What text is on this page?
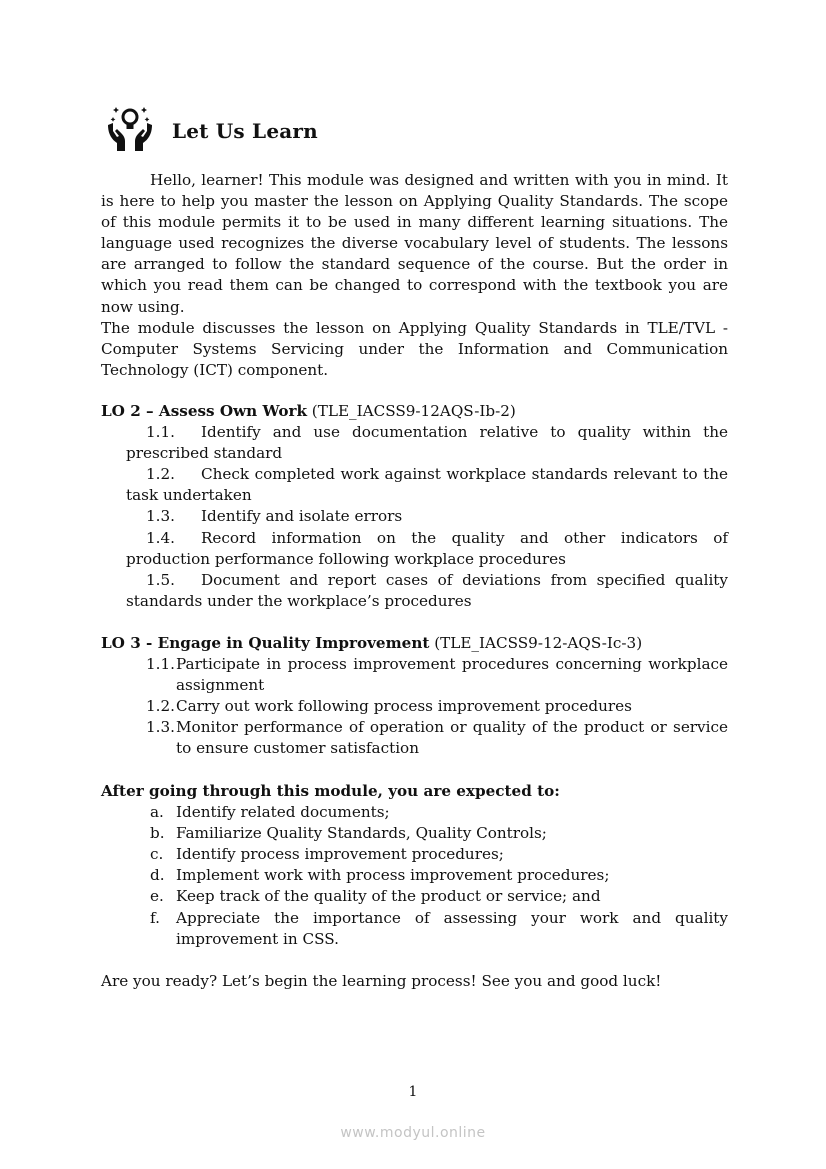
Let Us Learn

Hello, learner! This module was designed and written with you in mind. It is here to help you master the lesson on Applying Quality Standards. The scope of this module permits it to be used in many different learning situations. The language used recognizes the diverse vocabulary level of students. The lessons are arranged to follow the standard sequence of the course. But the order in which you read them can be changed to correspond with the textbook you are now using.

The module discusses the lesson on Applying Quality Standards in TLE/TVL - Computer Systems Servicing under the Information and Communication Technology (ICT) component.

LO 2 – Assess Own Work (TLE_IACSS9-12AQS-Ib-2)

1.1. Identify and use documentation relative to quality within the prescribed standard

1.2. Check completed work against workplace standards relevant to the task undertaken

1.3. Identify and isolate errors

1.4. Record information on the quality and other indicators of production performance following workplace procedures

1.5. Document and report cases of deviations from specified quality standards under the workplace’s procedures

LO 3 - Engage in Quality Improvement (TLE_IACSS9-12-AQS-Ic-3)

1.1. Participate in process improvement procedures concerning workplace assignment
1.2. Carry out work following process improvement procedures
1.3. Monitor performance of operation or quality of the product or service to ensure customer satisfaction

After going through this module, you are expected to:

a. Identify related documents;
b. Familiarize Quality Standards, Quality Controls;
c. Identify process improvement procedures;
d. Implement work with process improvement procedures;
e. Keep track of the quality of the product or service; and
f.	Appreciate the importance of assessing your work and quality improvement in CSS.

Are you ready? Let’s begin the learning process! See you and good luck!

1
www.modyul.online
